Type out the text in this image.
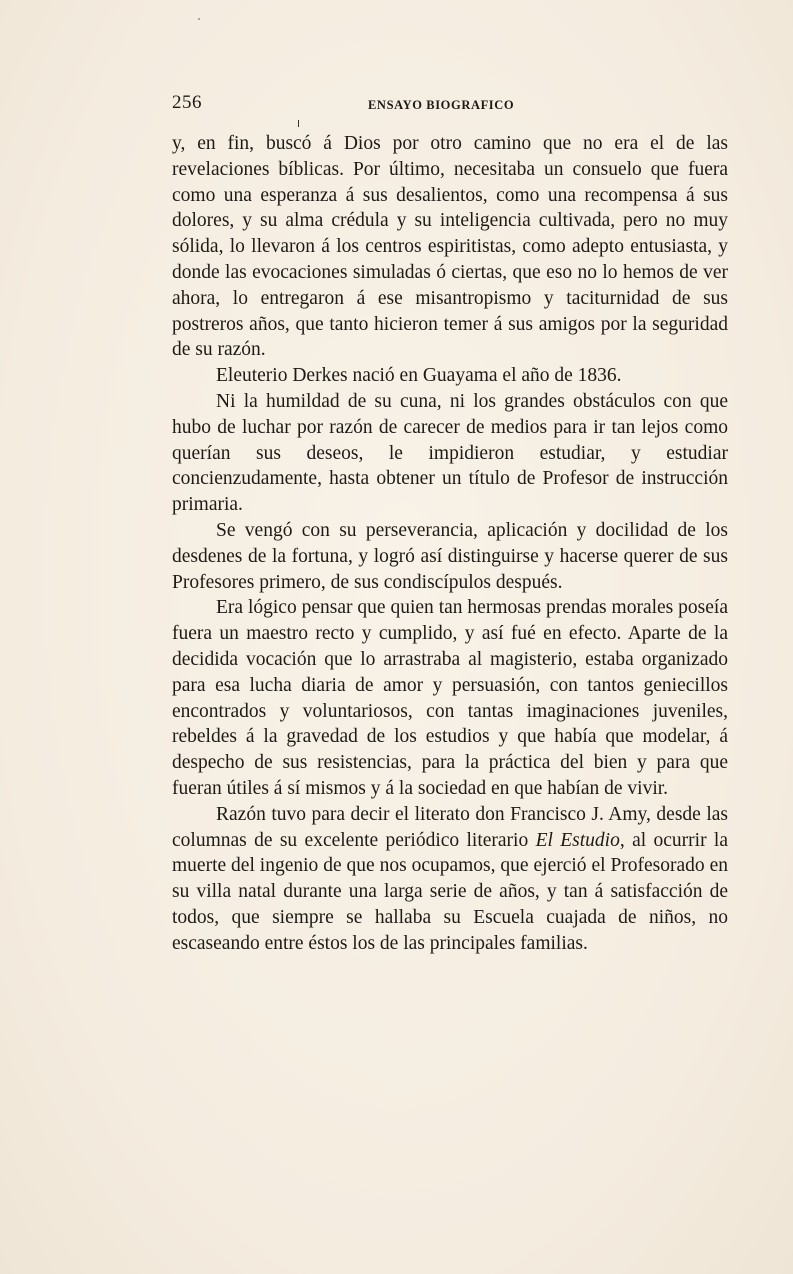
256	ENSAYO BIOGRAFICO

y, en fin, buscó á Dios por otro camino que no era el de las revelaciones bíblicas. Por último, necesitaba un consuelo que fuera como una esperanza á sus desalientos, como una recompensa á sus dolores, y su alma crédula y su inteligencia cultivada, pero no muy sólida, lo llevaron á los centros espiritistas, como adepto entusiasta, y donde las evocaciones simuladas ó ciertas, que eso no lo hemos de ver ahora, lo entregaron á ese misantropismo y taciturnidad de sus postreros años, que tanto hicieron temer á sus amigos por la seguridad de su razón.

Eleuterio Derkes nació en Guayama el año de 1836.

Ni la humildad de su cuna, ni los grandes obstáculos con que hubo de luchar por razón de carecer de medios para ir tan lejos como querían sus deseos, le impidieron estudiar, y estudiar concienzudamente, hasta obtener un título de Profesor de instrucción primaria.

Se vengó con su perseverancia, aplicación y docilidad de los desdenes de la fortuna, y logró así distinguirse y hacerse querer de sus Profesores primero, de sus condiscípulos después.

Era lógico pensar que quien tan hermosas prendas morales poseía fuera un maestro recto y cumplido, y así fué en efecto. Aparte de la decidida vocación que lo arrastraba al magisterio, estaba organizado para esa lucha diaria de amor y persuasión, con tantos geniecillos encontrados y voluntariosos, con tantas imaginaciones juveniles, rebeldes á la gravedad de los estudios y que había que modelar, á despecho de sus resistencias, para la práctica del bien y para que fueran útiles á sí mismos y á la sociedad en que habían de vivir.

Razón tuvo para decir el literato don Francisco J. Amy, desde las columnas de su excelente periódico literario El Estudio, al ocurrir la muerte del ingenio de que nos ocupamos, que ejerció el Profesorado en su villa natal durante una larga serie de años, y tan á satisfacción de todos, que siempre se hallaba su Escuela cuajada de niños, no escaseando entre éstos los de las principales familias.
